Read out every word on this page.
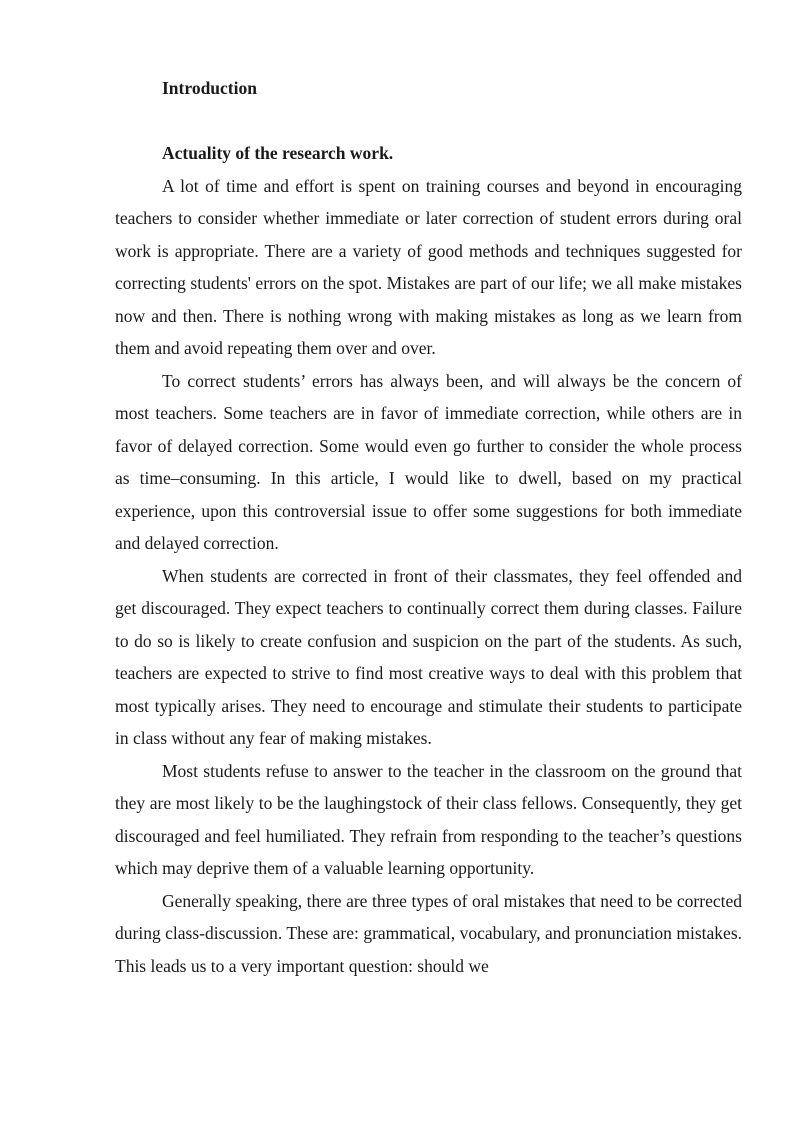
Introduction
Actuality of the research work.

A lot of time and effort is spent on training courses and beyond in encouraging teachers to consider whether immediate or later correction of student errors during oral work is appropriate. There are a variety of good methods and techniques suggested for correcting students' errors on the spot. Mistakes are part of our life; we all make mistakes now and then. There is nothing wrong with making mistakes as long as we learn from them and avoid repeating them over and over.

To correct students’ errors has always been, and will always be the concern of most teachers. Some teachers are in favor of immediate correction, while others are in favor of delayed correction. Some would even go further to consider the whole process as time–consuming. In this article, I would like to dwell, based on my practical experience, upon this controversial issue to offer some suggestions for both immediate and delayed correction.

When students are corrected in front of their classmates, they feel offended and get discouraged. They expect teachers to continually correct them during classes. Failure to do so is likely to create confusion and suspicion on the part of the students. As such, teachers are expected to strive to find most creative ways to deal with this problem that most typically arises. They need to encourage and stimulate their students to participate in class without any fear of making mistakes.

Most students refuse to answer to the teacher in the classroom on the ground that they are most likely to be the laughingstock of their class fellows. Consequently, they get discouraged and feel humiliated. They refrain from responding to the teacher’s questions which may deprive them of a valuable learning opportunity.

Generally speaking, there are three types of oral mistakes that need to be corrected during class-discussion. These are: grammatical, vocabulary, and pronunciation mistakes. This leads us to a very important question: should we
